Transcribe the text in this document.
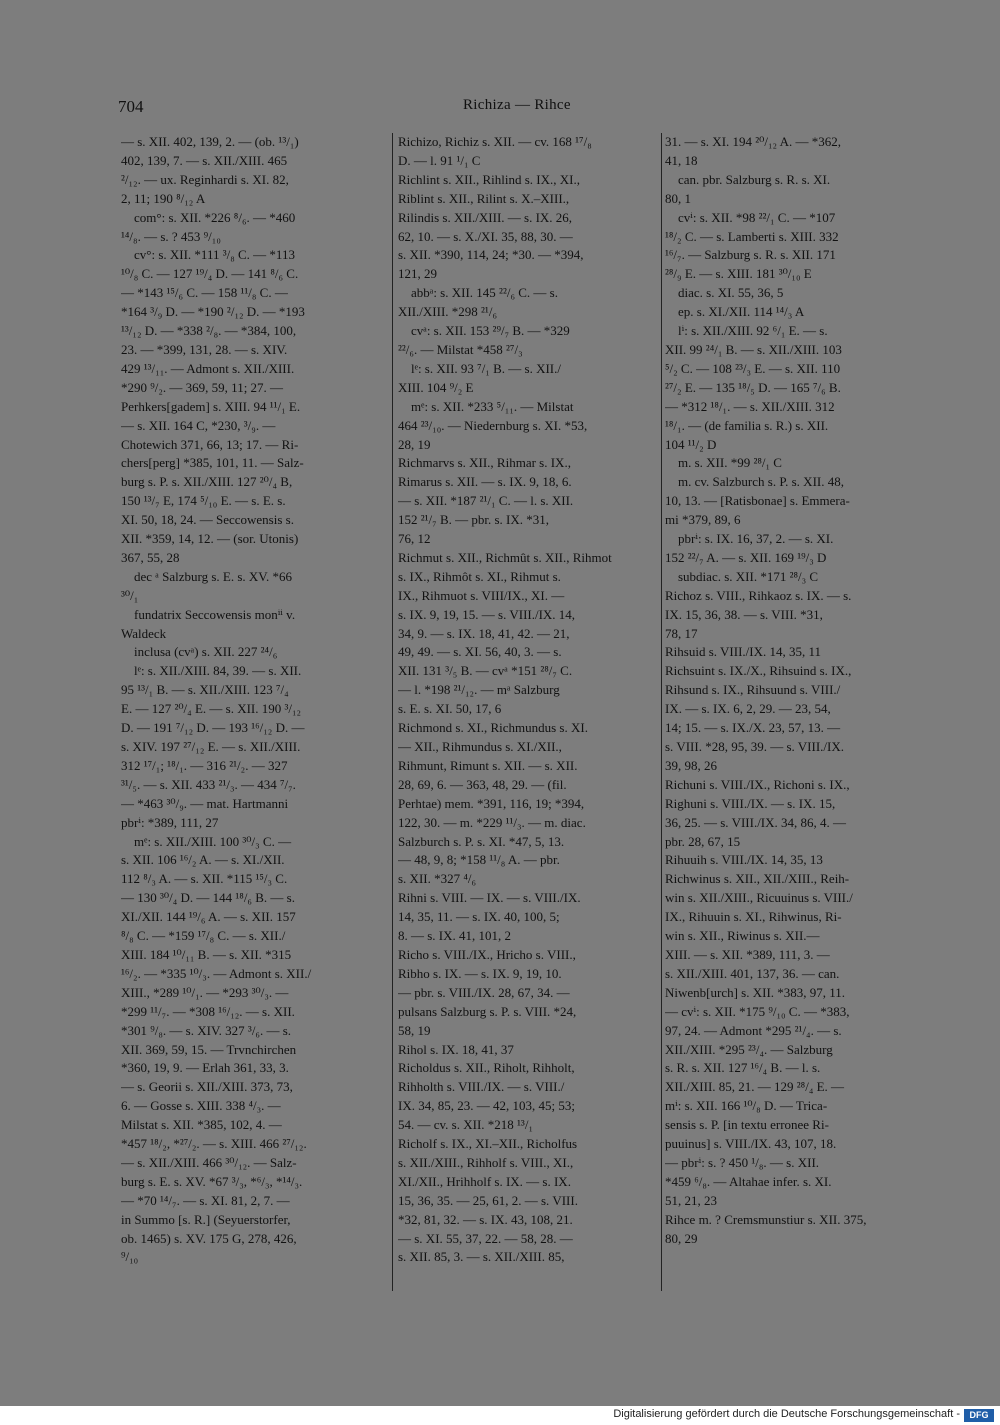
704	Richiza — Rihce
— s. XII. 402, 139, 2. — (ob. ¹³/₁)
402, 139, 7. — s. XII./XIII. 465
²/₁₂. — ux. Reginhardi s. XI. 82,
2, 11; 190 ⁸/₁₂ A
com°: s. XII. *226 ⁸/₆. — *460
¹⁴/₈. — s. ? 453 ⁹/₁₀
cv°: s. XII. *111 ³/₈ C. — *113
¹⁰/₈ C. — 127 ¹⁹/₄ D. — 141 ⁸/₆ C.
— *143 ¹⁵/₆ C. — 158 ¹¹/₈ C. —
*164 ³/₉ D. — *190 ²/₁₂ D. — *193
¹³/₁₂ D. — *338 ²/₈. — *384, 100,
23. — *399, 131, 28. — s. XIV.
429 ¹³/₁₁. — Admont s. XII./XIII.
*290 ⁹/₂. — 369, 59, 11; 27. —
Perhkers[gadem] s. XIII. 94 ¹¹/₁ E.
— s. XII. 164 C, *230, ³/₉. —
Chotewich 371, 66, 13; 17. — Ri-
chers[perg] *385, 101, 11. — Salz-
burg s. P. s. XII./XIII. 127 ²⁰/₄ B,
150 ¹³/₇ E, 174 ⁵/₁₀ E. — s. E. s.
XI. 50, 18, 24. — Seccowensis s.
XII. *359, 14, 12. — (sor. Utonis)
367, 55, 28
dec ᵃ Salzburg s. E. s. XV. *66
³⁰/₁
fundatrix Seccowensis monⁱⁱ v.
Waldeck
inclusa (cvᵃ) s. XII. 227 ²⁴/₆
lᵉ: s. XII./XIII. 84, 39. — s. XII.
95 ¹³/₁ B. — s. XII./XIII. 123 ⁷/₄
E. — 127 ²⁰/₄ E. — s. XII. 190 ³/₁₂
D. — 191 ⁷/₁₂ D. — 193 ¹⁶/₁₂ D. —
s. XIV. 197 ²⁷/₁₂ E. — s. XII./XIII.
312 ¹⁷/₁; ¹⁸/₁. — 316 ²¹/₂. — 327
³¹/₅. — s. XII. 433 ²¹/₃. — 434 ⁷/₇.
— *463 ³⁰/₉. — mat. Hartmanni
pbrⁱ: *389, 111, 27
mᵉ: s. XII./XIII. 100 ³⁰/₃ C. —
s. XII. 106 ¹⁶/₂ A. — s. XI./XII.
112 ⁸/₃ A. — s. XII. *115 ¹⁵/₃ C.
— 130 ³⁰/₄ D. — 144 ¹⁸/₆ B. — s.
XI./XII. 144 ¹⁹/₆ A. — s. XII. 157
⁸/₈ C. — *159 ¹⁷/₈ C. — s. XII./
XIII. 184 ¹⁰/₁₁ B. — s. XII. *315
¹⁶/₂. — *335 ¹⁰/₃. — Admont s. XII./
XIII., *289 ¹⁰/₁. — *293 ³⁰/₃. —
*299 ¹¹/₇. — *308 ¹⁶/₁₂. — s. XII.
*301 ⁹/₈. — s. XIV. 327 ³/₆. — s.
XII. 369, 59, 15. — Trvnchirchen
*360, 19, 9. — Erlah 361, 33, 3.
— s. Georii s. XII./XIII. 373, 73,
6. — Gosse s. XIII. 338 ⁴/₃. —
Milstat s. XII. *385, 102, 4. —
*457 ¹⁸/₂, *²⁷/₂. — s. XIII. 466 ²⁷/₁₂.
— s. XII./XIII. 466 ³⁰/₁₂. — Salz-
burg s. E. s. XV. *67 ³/₃, *⁶/₃, *¹⁴/₃.
— *70 ¹⁴/₇. — s. XI. 81, 2, 7. —
in Summo [s. R.] (Seyuerstorfer,
ob. 1465) s. XV. 175 G, 278, 426,
⁹/₁₀
Richizo, Richiz s. XII. — cv. 168 ¹⁷/₈
D. — l. 91 ¹/₁ C
Richlint s. XII., Rihlind s. IX., XI.,
Riblint s. XII., Rilint s. X.–XIII.,
Rilindis s. XII./XIII. — s. IX. 26,
62, 10. — s. X./XI. 35, 88, 30. —
s. XII. *390, 114, 24; *30. — *394,
121, 29
abbᵃ: s. XII. 145 ²²/₆ C. — s.
XII./XIII. *298 ²¹/₆
cvᵃ: s. XII. 153 ²⁹/₇ B. — *329
²²/₆. — Milstat *458 ²⁷/₃
lᵉ: s. XII. 93 ⁷/₁ B. — s. XII./
XIII. 104 ⁹/₂ E
mᵉ: s. XII. *233 ⁵/₁₁. — Milstat
464 ²³/₁₀. — Niedernburg s. XI. *53,
28, 19
Richmarvs s. XII., Rihmar s. IX.,
Rimarus s. XII. — s. IX. 9, 18, 6.
— s. XII. *187 ²¹/₁ C. — l. s. XII.
152 ²¹/₇ B. — pbr. s. IX. *31,
76, 12
Richmut s. XII., Richmût s. XII., Rihmot
s. IX., Rihmôt s. XI., Rihmut s.
IX., Rihmuot s. VIII/IX., XI. —
s. IX. 9, 19, 15. — s. VIII./IX. 14,
34, 9. — s. IX. 18, 41, 42. — 21,
49, 49. — s. XI. 56, 40, 3. — s.
XII. 131 ³/₅ B. — cvᵃ *151 ²⁸/₇ C.
— l. *198 ²¹/₁₂. — mᵃ Salzburg
s. E. s. XI. 50, 17, 6
Richmond s. XI., Richmundus s. XI.
— XII., Rihmundus s. XI./XII.,
Rihmunt, Rimunt s. XII. — s. XII.
28, 69, 6. — 363, 48, 29. — (fil.
Perhtae) mem. *391, 116, 19; *394,
122, 30. — m. *229 ¹¹/₃. — m. diac.
Salzburch s. P. s. XI. *47, 5, 13.
— 48, 9, 8; *158 ¹¹/₈ A. — pbr.
s. XII. *327 ⁴/₆
Rihni s. VIII. — IX. — s. VIII./IX.
14, 35, 11. — s. IX. 40, 100, 5;
8. — s. IX. 41, 101, 2
Richo s. VIII./IX., Hricho s. VIII.,
Ribho s. IX. — s. IX. 9, 19, 10.
— pbr. s. VIII./IX. 28, 67, 34. —
pulsans Salzburg s. P. s. VIII. *24,
58, 19
Rihol s. IX. 18, 41, 37
Richoldus s. XII., Riholt, Rihholt,
Rihholth s. VIII./IX. — s. VIII./
IX. 34, 85, 23. — 42, 103, 45; 53;
54. — cv. s. XII. *218 ¹³/₁
Richolf s. IX., XI.–XII., Richolfus
s. XII./XIII., Rihholf s. VIII., XI.,
XI./XII., Hrihholf s. IX. — s. IX.
15, 36, 35. — 25, 61, 2. — s. VIII.
*32, 81, 32. — s. IX. 43, 108, 21.
— s. XI. 55, 37, 22. — 58, 28. —
s. XII. 85, 3. — s. XII./XIII. 85,
31. — s. XI. 194 ²⁰/₁₂ A. — *362,
41, 18
can. pbr. Salzburg s. R. s. XI.
80, 1
cvⁱ: s. XII. *98 ²²/₁ C. — *107
¹⁸/₂ C. — s. Lamberti s. XIII. 332
¹⁶/₇. — Salzburg s. R. s. XII. 171
²⁸/₉ E. — s. XIII. 181 ³⁰/₁₀ E
diac. s. XI. 55, 36, 5
ep. s. XI./XII. 114 ¹⁴/₃ A
lⁱ: s. XII./XIII. 92 ⁶/₁ E. — s.
XII. 99 ²⁴/₁ B. — s. XII./XIII. 103
⁵/₂ C. — 108 ²³/₃ E. — s. XII. 110
²⁷/₂ E. — 135 ¹⁸/₅ D. — 165 ⁷/₆ B.
— *312 ¹⁸/₁. — s. XII./XIII. 312
¹⁸/₁. — (de familia s. R.) s. XII.
104 ¹¹/₂ D
m. s. XII. *99 ²⁸/₁ C
m. cv. Salzburch s. P. s. XII. 48,
10, 13. — [Ratisbonae] s. Emmera-
mi *379, 89, 6
pbrⁱ: s. IX. 16, 37, 2. — s. XI.
152 ²²/₇ A. — s. XII. 169 ¹⁹/₃ D
subdiac. s. XII. *171 ²⁸/₃ C
Richoz s. VIII., Rihkaoz s. IX. — s.
IX. 15, 36, 38. — s. VIII. *31,
78, 17
Rihsuid s. VIII./IX. 14, 35, 11
Richsuint s. IX./X., Rihsuind s. IX.,
Rihsund s. IX., Rihsuund s. VIII./
IX. — s. IX. 6, 2, 29. — 23, 54,
14; 15. — s. IX./X. 23, 57, 13. —
s. VIII. *28, 95, 39. — s. VIII./IX.
39, 98, 26
Richuni s. VIII./IX., Richoni s. IX.,
Righuni s. VIII./IX. — s. IX. 15,
36, 25. — s. VIII./IX. 34, 86, 4. —
pbr. 28, 67, 15
Rihuuih s. VIII./IX. 14, 35, 13
Richwinus s. XII., XII./XIII., Reih-
win s. XII./XIII., Ricuuinus s. VIII./
IX., Rihuuin s. XI., Rihwinus, Ri-
win s. XII., Riwinus s. XII.—
XIII. — s. XII. *389, 111, 3. —
s. XII./XIII. 401, 137, 36. — can.
Niwenb[urch] s. XII. *383, 97, 11.
— cvⁱ: s. XII. *175 ⁹/₁₀ C. — *383,
97, 24. — Admont *295 ²¹/₄. — s.
XII./XIII. *295 ²³/₄. — Salzburg
s. R. s. XII. 127 ¹⁶/₄ B. — l. s.
XII./XIII. 85, 21. — 129 ²⁸/₄ E. —
mⁱ: s. XII. 166 ¹⁰/₈ D. — Trica-
sensis s. P. [in textu erronee Ri-
puuinus] s. VIII./IX. 43, 107, 18.
— pbrⁱ: s. ? 450 ¹/₈. — s. XII.
*459 ⁶/₈. — Altahae infer. s. XI.
51, 21, 23
Rihce m. ? Cremsmunstiur s. XII. 375,
80, 29
Digitalisierung gefördert durch die Deutsche Forschungsgemeinschaft -	DFG
